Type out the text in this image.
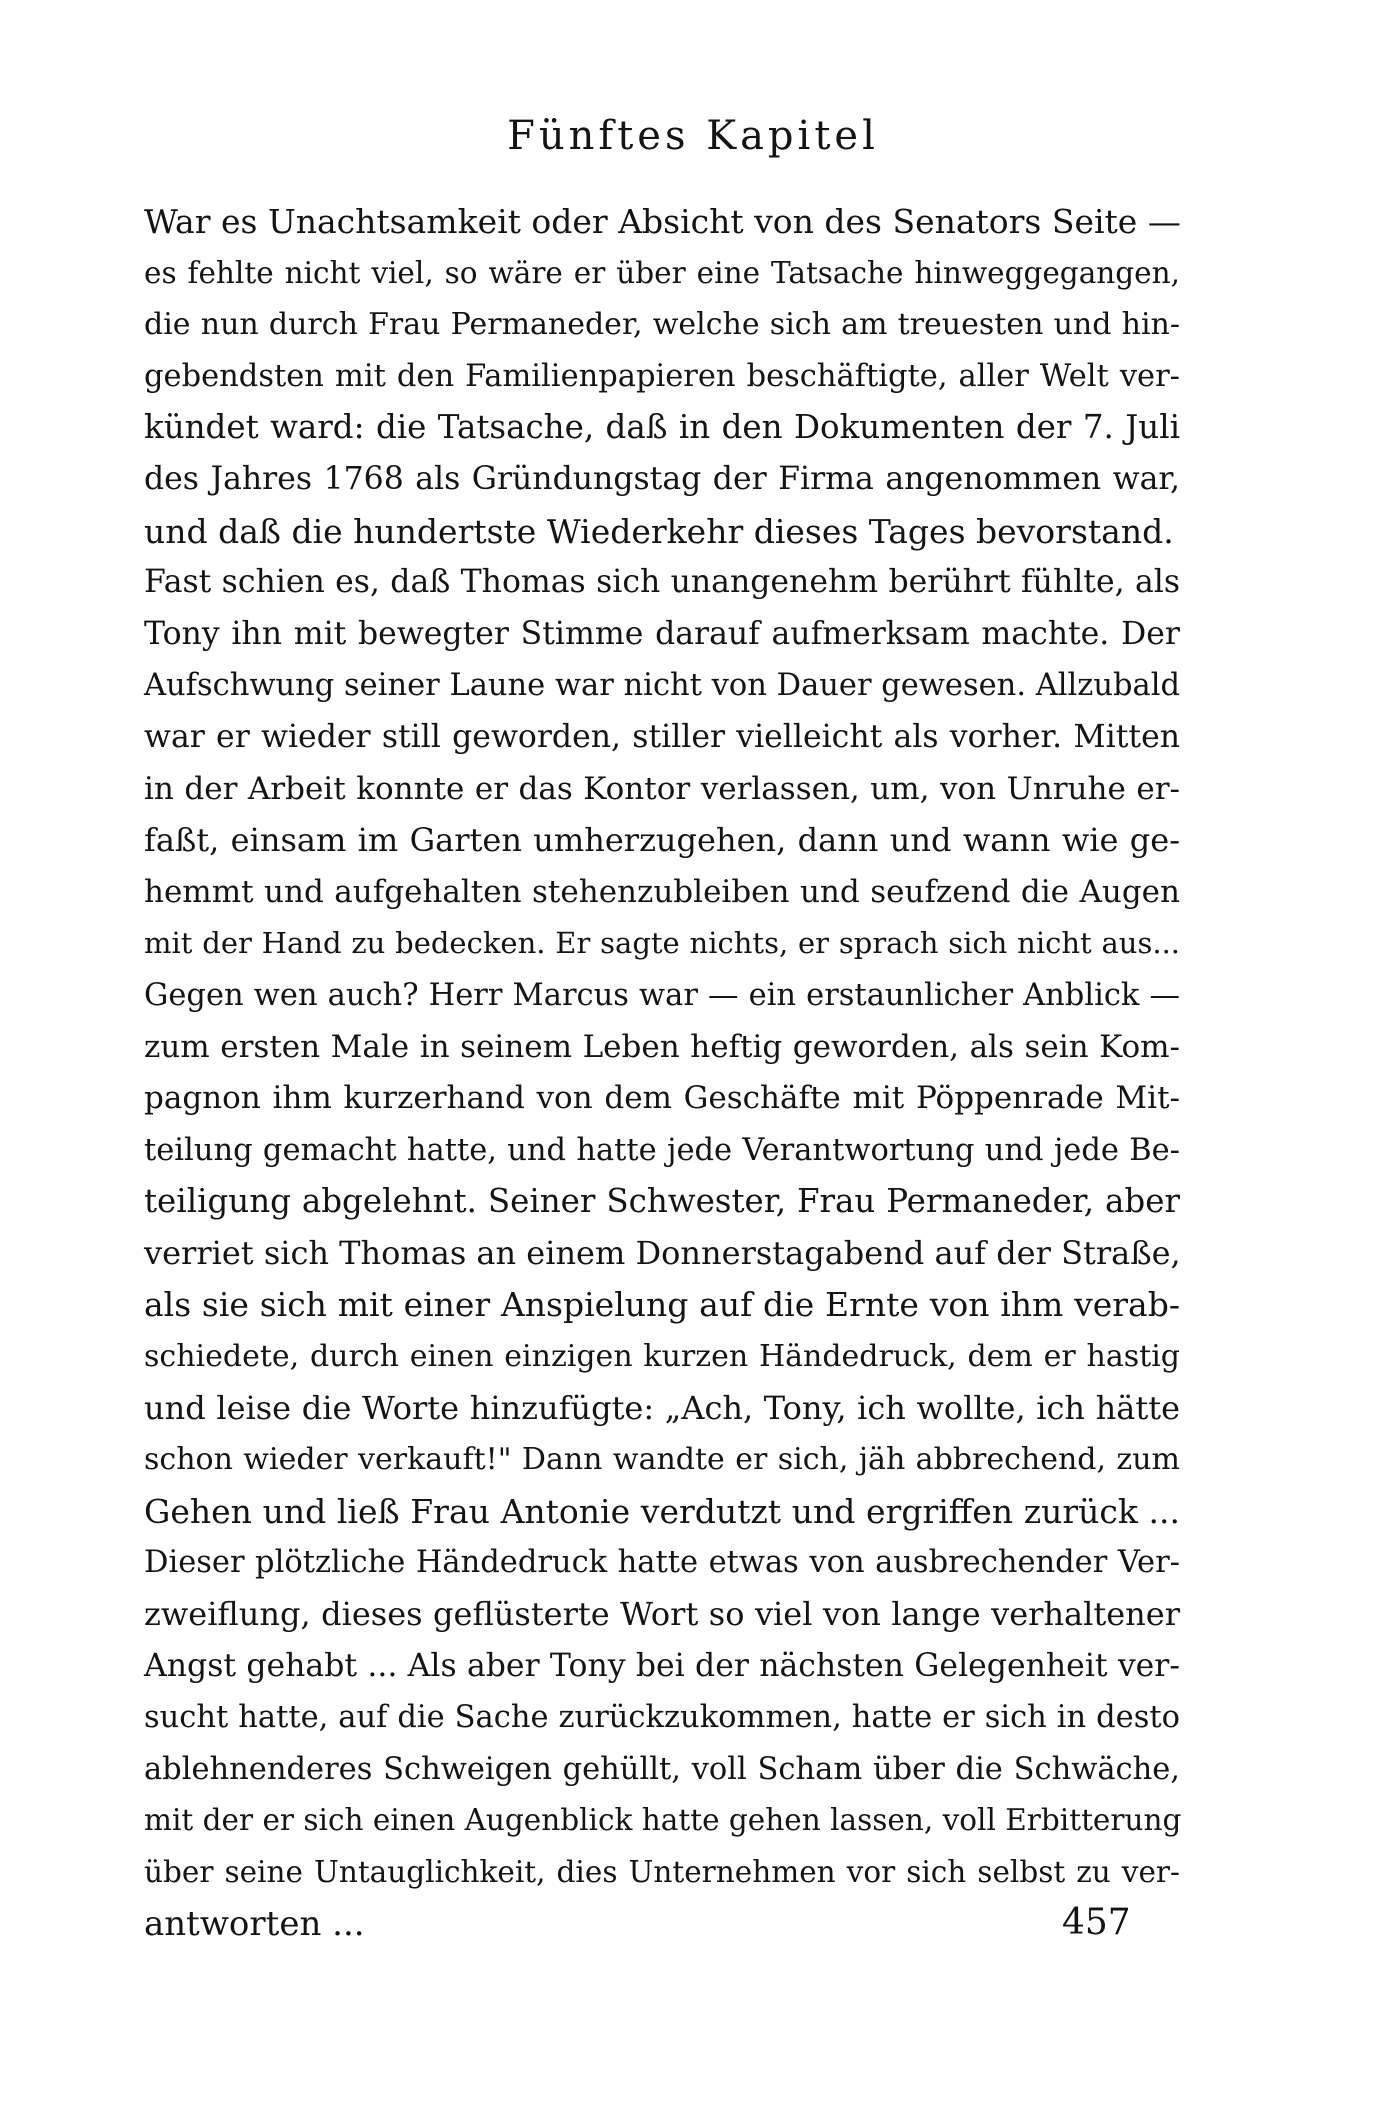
Fünftes Kapitel
War es Unachtsamkeit oder Absicht von des Senators Seite —
es fehlte nicht viel, so wäre er über eine Tatsache hinweggegangen,
die nun durch Frau Permaneder, welche sich am treuesten und hin-
gebendsten mit den Familienpapieren beschäftigte, aller Welt ver-
kündet ward: die Tatsache, daß in den Dokumenten der 7. Juli
des Jahres 1768 als Gründungstag der Firma angenommen war,
und daß die hundertste Wiederkehr dieses Tages bevorstand.
Fast schien es, daß Thomas sich unangenehm berührt fühlte, als
Tony ihn mit bewegter Stimme darauf aufmerksam machte. Der
Aufschwung seiner Laune war nicht von Dauer gewesen. Allzubald
war er wieder still geworden, stiller vielleicht als vorher. Mitten
in der Arbeit konnte er das Kontor verlassen, um, von Unruhe er-
faßt, einsam im Garten umherzugehen, dann und wann wie ge-
hemmt und aufgehalten stehenzubleiben und seufzend die Augen
mit der Hand zu bedecken. Er sagte nichts, er sprach sich nicht aus...
Gegen wen auch? Herr Marcus war — ein erstaunlicher Anblick —
zum ersten Male in seinem Leben heftig geworden, als sein Kom-
pagnon ihm kurzerhand von dem Geschäfte mit Pöppenrade Mit-
teilung gemacht hatte, und hatte jede Verantwortung und jede Be-
teiligung abgelehnt. Seiner Schwester, Frau Permaneder, aber
verriet sich Thomas an einem Donnerstagabend auf der Straße,
als sie sich mit einer Anspielung auf die Ernte von ihm verab-
schiedete, durch einen einzigen kurzen Händedruck, dem er hastig
und leise die Worte hinzufügte: „Ach, Tony, ich wollte, ich hätte
schon wieder verkauft!" Dann wandte er sich, jäh abbrechend, zum
Gehen und ließ Frau Antonie verdutzt und ergriffen zurück ...
Dieser plötzliche Händedruck hatte etwas von ausbrechender Ver-
zweiflung, dieses geflüsterte Wort so viel von lange verhaltener
Angst gehabt ... Als aber Tony bei der nächsten Gelegenheit ver-
sucht hatte, auf die Sache zurückzukommen, hatte er sich in desto
ablehnenderes Schweigen gehüllt, voll Scham über die Schwäche,
mit der er sich einen Augenblick hatte gehen lassen, voll Erbitterung
über seine Untauglichkeit, dies Unternehmen vor sich selbst zu ver-
antworten ...	457
